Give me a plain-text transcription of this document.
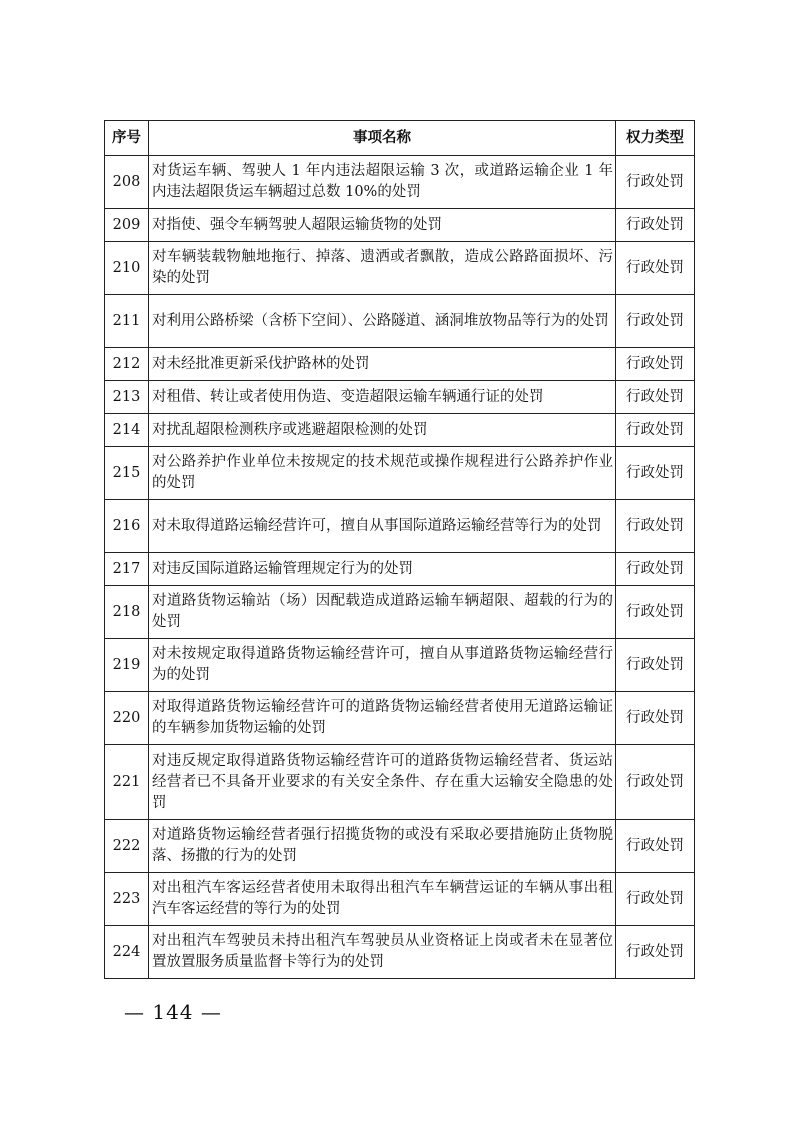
序号	事项名称	权力类型
208	对货运车辆、驾驶人 1 年内违法超限运输 3 次，或道路运输企业 1 年内违法超限货运车辆超过总数 10%的处罚	行政处罚
209	对指使、强令车辆驾驶人超限运输货物的处罚	行政处罚
210	对车辆装载物触地拖行、掉落、遗洒或者飘散，造成公路路面损坏、污染的处罚	行政处罚
211	对利用公路桥梁（含桥下空间）、公路隧道、涵洞堆放物品等行为的处罚	行政处罚
212	对未经批准更新采伐护路林的处罚	行政处罚
213	对租借、转让或者使用伪造、变造超限运输车辆通行证的处罚	行政处罚
214	对扰乱超限检测秩序或逃避超限检测的处罚	行政处罚
215	对公路养护作业单位未按规定的技术规范或操作规程进行公路养护作业的处罚	行政处罚
216	对未取得道路运输经营许可，擅自从事国际道路运输经营等行为的处罚	行政处罚
217	对违反国际道路运输管理规定行为的处罚	行政处罚
218	对道路货物运输站（场）因配载造成道路运输车辆超限、超载的行为的处罚	行政处罚
219	对未按规定取得道路货物运输经营许可，擅自从事道路货物运输经营行为的处罚	行政处罚
220	对取得道路货物运输经营许可的道路货物运输经营者使用无道路运输证的车辆参加货物运输的处罚	行政处罚
221	对违反规定取得道路货物运输经营许可的道路货物运输经营者、货运站经营者已不具备开业要求的有关安全条件、存在重大运输安全隐患的处罚	行政处罚
222	对道路货物运输经营者强行招揽货物的或没有采取必要措施防止货物脱落、扬撒的行为的处罚	行政处罚
223	对出租汽车客运经营者使用未取得出租汽车车辆营运证的车辆从事出租汽车客运经营的等行为的处罚	行政处罚
224	对出租汽车驾驶员未持出租汽车驾驶员从业资格证上岗或者未在显著位置放置服务质量监督卡等行为的处罚	行政处罚
— 144 —
